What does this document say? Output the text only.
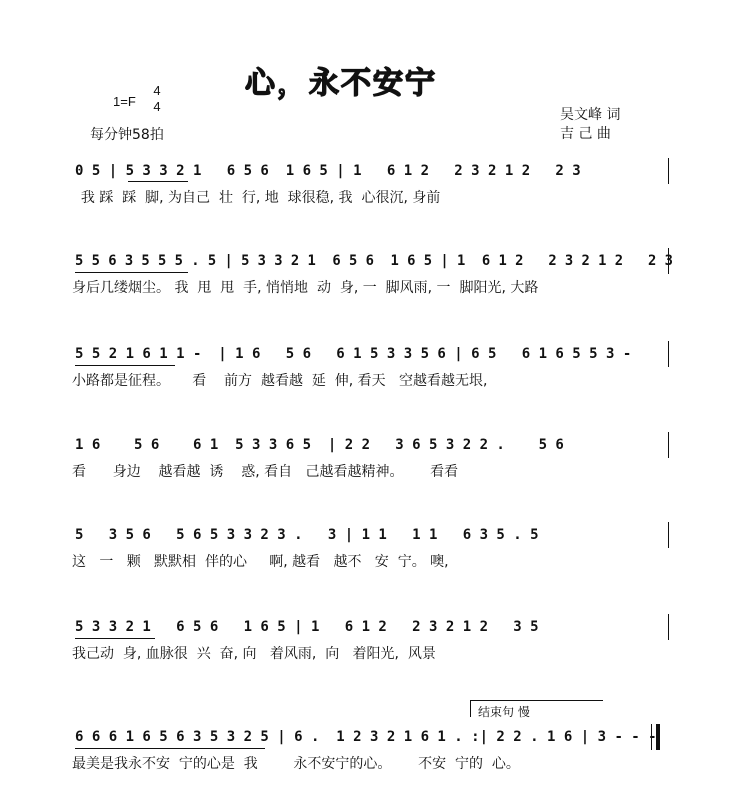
心，永不安宁
1=F
4
4
每分钟58拍
吴文峰 词
吉 己 曲
0 5 | 5 3 3 2 1   6 5 6  1 6 5 | 1   6 1 2   2 3 2 1 2   2 3
我 踩  踩  脚, 为自己  壮  行, 地  球很稳, 我  心很沉, 身前
5 5 6 3 5 5 5 . 5 | 5 3 3 2 1  6 5 6  1 6 5 | 1  6 1 2   2 3 2 1 2   2 3
身后几缕烟尘。 我  甩  甩  手, 悄悄地  动  身, 一  脚风雨, 一  脚阳光, 大路
5 5 2 1 6 1 1 -  | 1 6   5 6   6 1 5 3 3 5 6 | 6 5   6 1 6 5 5 3 -
小路都是征程。     看    前方  越看越  延  伸, 看天   空越看越无垠,
1 6    5 6    6 1  5 3 3 6 5  | 2 2   3 6 5 3 2 2 .    5 6
看      身边    越看越  诱    惑, 看自   己越看越精神。      看看
5   3 5 6   5 6 5 3 3 2 3 .   3 | 1 1   1 1   6 3 5 . 5
这   一   颗   默默相  伴的心     啊, 越看   越不   安  宁。 噢,
5 3 3 2 1   6 5 6   1 6 5 | 1   6 1 2   2 3 2 1 2   3 5
我己动  身, 血脉很  兴  奋, 向   着风雨,  向   着阳光,  风景
结束句 慢
6 6 6 1 6 5 6 3 5 3 2 5 | 6 .  1 2 3 2 1 6 1 . :| 2 2 . 1 6 | 3 - - -
最美是我永不安  宁的心是  我        永不安宁的心。      不安  宁的  心。
